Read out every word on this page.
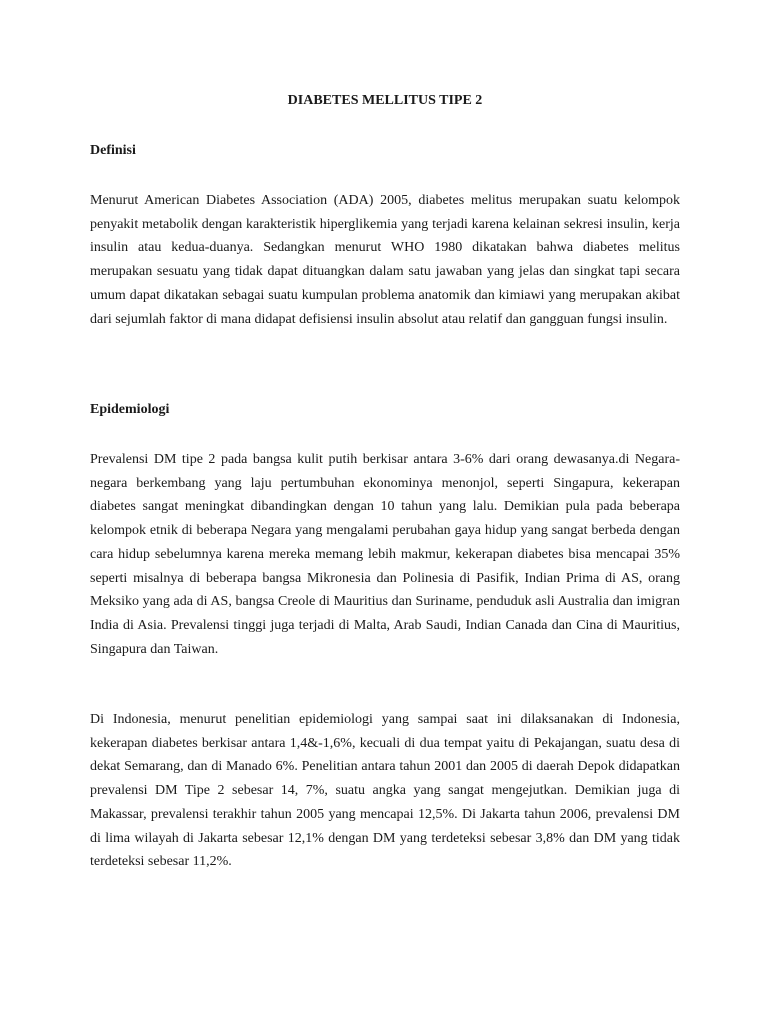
DIABETES MELLITUS TIPE 2
Definisi

Menurut American Diabetes Association (ADA) 2005, diabetes melitus merupakan suatu kelompok penyakit metabolik dengan karakteristik hiperglikemia yang terjadi karena kelainan sekresi insulin, kerja insulin atau kedua-duanya. Sedangkan menurut WHO 1980 dikatakan bahwa diabetes melitus merupakan sesuatu yang tidak dapat dituangkan dalam satu jawaban yang jelas dan singkat tapi secara umum dapat dikatakan sebagai suatu kumpulan problema anatomik dan kimiawi yang merupakan akibat dari sejumlah faktor di mana didapat defisiensi insulin absolut atau relatif dan gangguan fungsi insulin.

Epidemiologi

Prevalensi DM tipe 2 pada bangsa kulit putih berkisar antara 3-6% dari orang dewasanya.di Negara-negara berkembang yang laju pertumbuhan ekonominya menonjol, seperti Singapura, kekerapan diabetes sangat meningkat dibandingkan dengan 10 tahun yang lalu. Demikian pula pada beberapa kelompok etnik di beberapa Negara yang mengalami perubahan gaya hidup yang sangat berbeda dengan cara hidup sebelumnya karena mereka memang lebih makmur, kekerapan diabetes bisa mencapai 35% seperti misalnya di beberapa bangsa Mikronesia dan Polinesia di Pasifik, Indian Prima di AS, orang Meksiko yang ada di AS, bangsa Creole di Mauritius dan Suriname, penduduk asli Australia dan imigran India di Asia. Prevalensi tinggi juga terjadi di Malta, Arab Saudi, Indian Canada dan Cina di Mauritius, Singapura dan Taiwan.

Di Indonesia, menurut penelitian epidemiologi yang sampai saat ini dilaksanakan di Indonesia, kekerapan diabetes berkisar antara 1,4&-1,6%, kecuali di dua tempat yaitu di Pekajangan, suatu desa di dekat Semarang, dan di Manado 6%. Penelitian antara tahun 2001 dan 2005 di daerah Depok didapatkan prevalensi DM Tipe 2 sebesar 14, 7%, suatu angka yang sangat mengejutkan. Demikian juga di Makassar, prevalensi terakhir tahun 2005 yang mencapai 12,5%. Di Jakarta tahun 2006, prevalensi DM di lima wilayah di Jakarta sebesar 12,1% dengan DM yang terdeteksi sebesar 3,8% dan DM yang tidak terdeteksi sebesar 11,2%.
